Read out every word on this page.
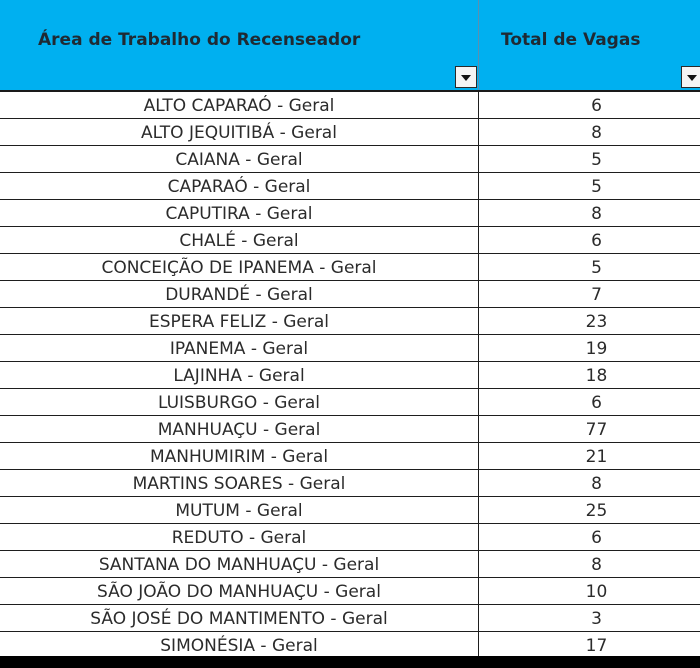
Área de Trabalho do Recenseador	Total de Vagas
ALTO CAPARAÓ - Geral	6
ALTO JEQUITIBÁ - Geral	8
CAIANA - Geral	5
CAPARAÓ - Geral	5
CAPUTIRA - Geral	8
CHALÉ - Geral	6
CONCEIÇÃO DE IPANEMA - Geral	5
DURANDÉ - Geral	7
ESPERA FELIZ - Geral	23
IPANEMA - Geral	19
LAJINHA - Geral	18
LUISBURGO - Geral	6
MANHUAÇU - Geral	77
MANHUMIRIM - Geral	21
MARTINS SOARES - Geral	8
MUTUM - Geral	25
REDUTO - Geral	6
SANTANA DO MANHUAÇU - Geral	8
SÃO JOÃO DO MANHUAÇU - Geral	10
SÃO JOSÉ DO MANTIMENTO - Geral	3
SIMONÉSIA - Geral	17
